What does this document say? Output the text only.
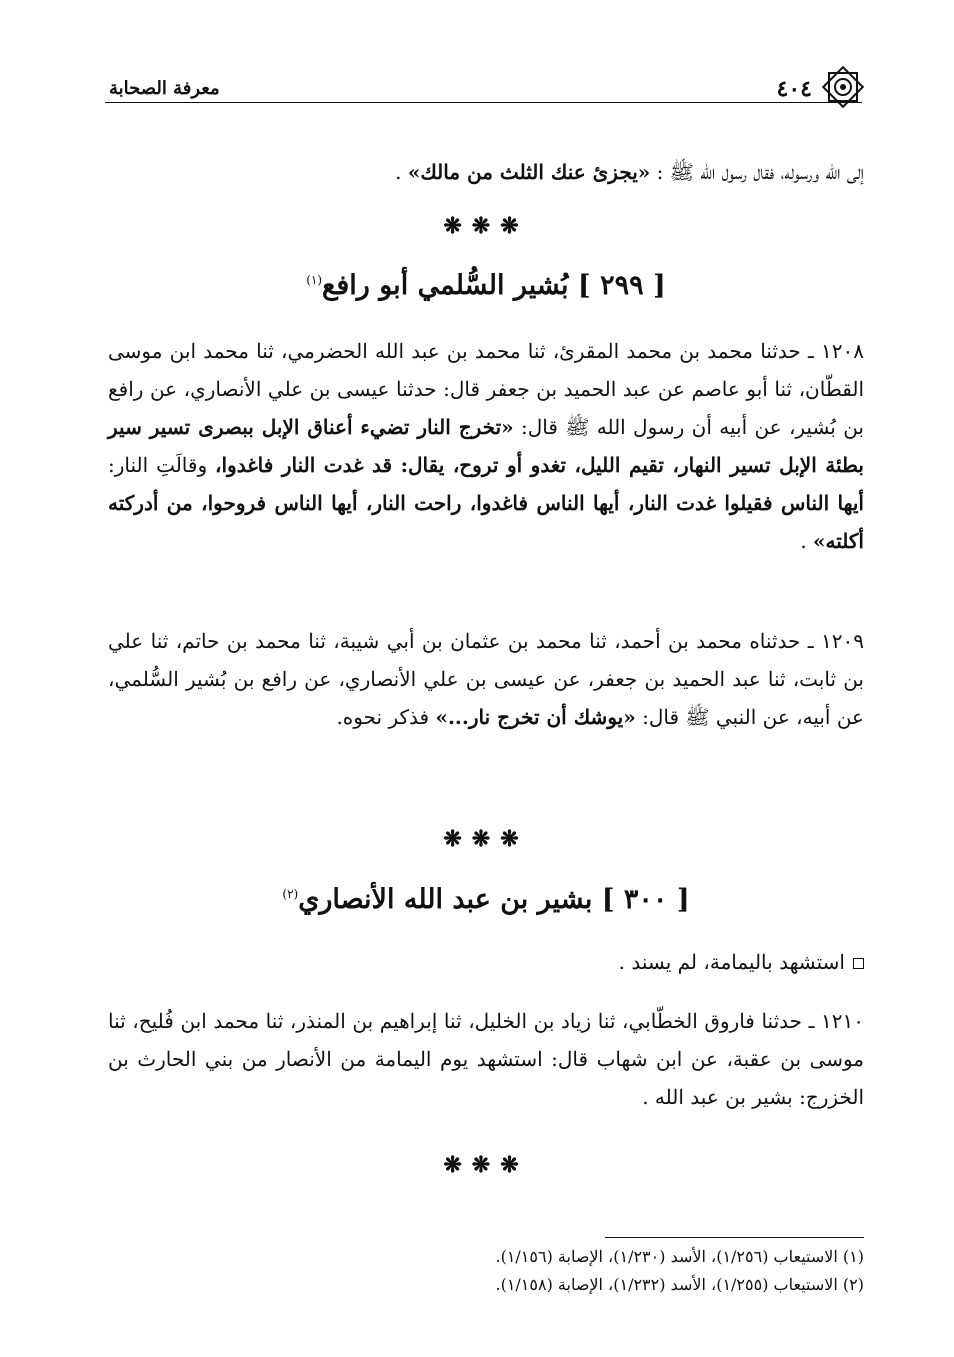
٤٠٤
معرفة الصحابة

إلى الله ورسوله، فقال رسول الله ﷺ : «يجزئ عنك الثلث من مالك» .

❋❋❋
[ ٢٩٩ ] بُشير السُّلمي أبو رافع$^{(١)}$

١٢٠٨ ـ حدثنا محمد بن محمد المقرئ، ثنا محمد بن عبد الله الحضرمي، ثنا محمد ابن موسى القطّان، ثنا أبو عاصم عن عبد الحميد بن جعفر قال: حدثنا عيسى بن علي الأنصاري، عن رافع بن بُشير، عن أبيه أن رسول الله ﷺ قال: «تخرج النار تضيء أعناق الإبل ببصرى تسير سير بطئة الإبل تسير النهار، تقيم الليل، تغدو أو تروح، يقال: قد غدت النار فاغدوا، وقالَتِ النار: أيها الناس فقيلوا غدت النار، أيها الناس فاغدوا، راحت النار، أيها الناس فروحوا، من أدركته أكلته» .

١٢٠٩ ـ حدثناه محمد بن أحمد، ثنا محمد بن عثمان بن أبي شيبة، ثنا محمد بن حاتم، ثنا علي بن ثابت، ثنا عبد الحميد بن جعفر، عن عيسى بن علي الأنصاري، عن رافع بن بُشير السُّلمي، عن أبيه، عن النبي ﷺ قال: «يوشك أن تخرج نار...» فذكر نحوه.

❋❋❋
[ ٣٠٠ ] بشير بن عبد الله الأنصاري$^{(٢)}$

استشهد باليمامة، لم يسند .

١٢١٠ ـ حدثنا فاروق الخطّابي، ثنا زياد بن الخليل، ثنا إبراهيم بن المنذر، ثنا محمد ابن فُليح، ثنا موسى بن عقبة، عن ابن شهاب قال: استشهد يوم اليمامة من الأنصار من بني الحارث بن الخزرج: بشير بن عبد الله .

❋❋❋
(١) الاستيعاب (١/٢٥٦)، الأسد (١/٢٣٠)، الإصابة (١/١٥٦).
(٢) الاستيعاب (١/٢٥٥)، الأسد (١/٢٣٢)، الإصابة (١/١٥٨).
